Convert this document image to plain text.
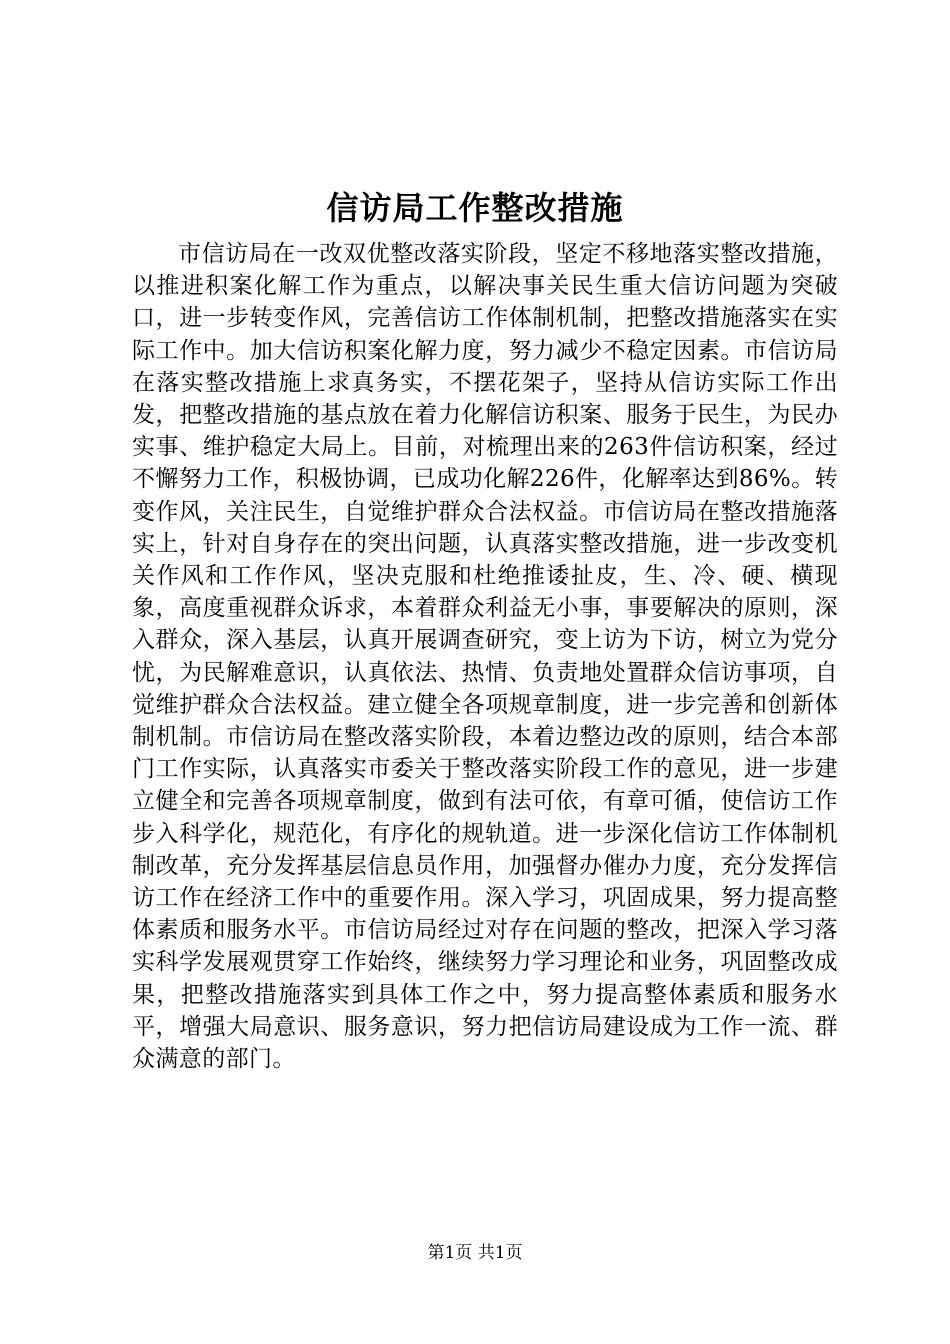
信访局工作整改措施

市信访局在一改双优整改落实阶段，坚定不移地落实整改措施，以推进积案化解工作为重点，以解决事关民生重大信访问题为突破口，进一步转变作风，完善信访工作体制机制，把整改措施落实在实际工作中。加大信访积案化解力度，努力减少不稳定因素。市信访局在落实整改措施上求真务实，不摆花架子，坚持从信访实际工作出发，把整改措施的基点放在着力化解信访积案、服务于民生，为民办实事、维护稳定大局上。目前，对梳理出来的263件信访积案，经过不懈努力工作，积极协调，已成功化解226件，化解率达到86%。转变作风，关注民生，自觉维护群众合法权益。市信访局在整改措施落实上，针对自身存在的突出问题，认真落实整改措施，进一步改变机关作风和工作作风，坚决克服和杜绝推诿扯皮，生、冷、硬、横现象，高度重视群众诉求，本着群众利益无小事，事要解决的原则，深入群众，深入基层，认真开展调查研究，变上访为下访，树立为党分忧，为民解难意识，认真依法、热情、负责地处置群众信访事项，自觉维护群众合法权益。建立健全各项规章制度，进一步完善和创新体制机制。市信访局在整改落实阶段，本着边整边改的原则，结合本部门工作实际，认真落实市委关于整改落实阶段工作的意见，进一步建立健全和完善各项规章制度，做到有法可依，有章可循，使信访工作步入科学化，规范化，有序化的规轨道。进一步深化信访工作体制机制改革，充分发挥基层信息员作用，加强督办催办力度，充分发挥信访工作在经济工作中的重要作用。深入学习，巩固成果，努力提高整体素质和服务水平。市信访局经过对存在问题的整改，把深入学习落实科学发展观贯穿工作始终，继续努力学习理论和业务，巩固整改成果，把整改措施落实到具体工作之中，努力提高整体素质和服务水平，增强大局意识、服务意识，努力把信访局建设成为工作一流、群众满意的部门。

第1页 共1页
